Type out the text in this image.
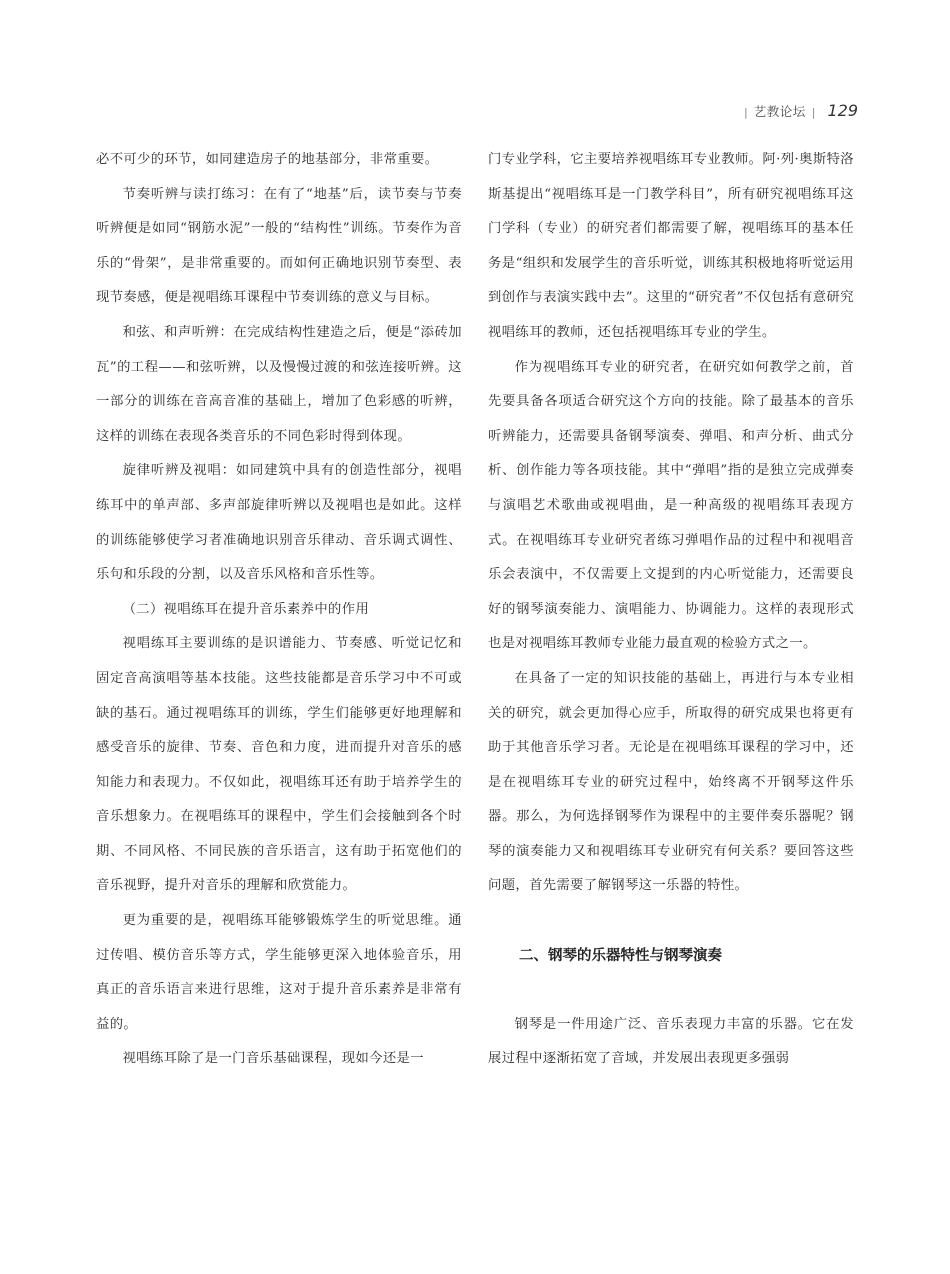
| 艺教论坛 | 129

必不可少的环节，如同建造房子的地基部分，非常重要。

节奏听辨与读打练习：在有了“地基”后，读节奏与节奏听辨便是如同“钢筋水泥”一般的“结构性”训练。节奏作为音乐的“骨架”，是非常重要的。而如何正确地识别节奏型、表现节奏感，便是视唱练耳课程中节奏训练的意义与目标。

和弦、和声听辨：在完成结构性建造之后，便是“添砖加瓦”的工程——和弦听辨，以及慢慢过渡的和弦连接听辨。这一部分的训练在音高音准的基础上，增加了色彩感的听辨，这样的训练在表现各类音乐的不同色彩时得到体现。

旋律听辨及视唱：如同建筑中具有的创造性部分，视唱练耳中的单声部、多声部旋律听辨以及视唱也是如此。这样的训练能够使学习者准确地识别音乐律动、音乐调式调性、乐句和乐段的分割，以及音乐风格和音乐性等。

（二）视唱练耳在提升音乐素养中的作用

视唱练耳主要训练的是识谱能力、节奏感、听觉记忆和固定音高演唱等基本技能。这些技能都是音乐学习中不可或缺的基石。通过视唱练耳的训练，学生们能够更好地理解和感受音乐的旋律、节奏、音色和力度，进而提升对音乐的感知能力和表现力。不仅如此，视唱练耳还有助于培养学生的音乐想象力。在视唱练耳的课程中，学生们会接触到各个时期、不同风格、不同民族的音乐语言，这有助于拓宽他们的音乐视野，提升对音乐的理解和欣赏能力。

更为重要的是，视唱练耳能够锻炼学生的听觉思维。通过传唱、模仿音乐等方式，学生能够更深入地体验音乐，用真正的音乐语言来进行思维，这对于提升音乐素养是非常有益的。

视唱练耳除了是一门音乐基础课程，现如今还是一

门专业学科，它主要培养视唱练耳专业教师。阿·列·奥斯特洛斯基提出“视唱练耳是一门教学科目”，所有研究视唱练耳这门学科（专业）的研究者们都需要了解，视唱练耳的基本任务是“组织和发展学生的音乐听觉，训练其积极地将听觉运用到创作与表演实践中去”。这里的“研究者”不仅包括有意研究视唱练耳的教师，还包括视唱练耳专业的学生。

作为视唱练耳专业的研究者，在研究如何教学之前，首先要具备各项适合研究这个方向的技能。除了最基本的音乐听辨能力，还需要具备钢琴演奏、弹唱、和声分析、曲式分析、创作能力等各项技能。其中“弹唱”指的是独立完成弹奏与演唱艺术歌曲或视唱曲，是一种高级的视唱练耳表现方式。在视唱练耳专业研究者练习弹唱作品的过程中和视唱音乐会表演中，不仅需要上文提到的内心听觉能力，还需要良好的钢琴演奏能力、演唱能力、协调能力。这样的表现形式也是对视唱练耳教师专业能力最直观的检验方式之一。

在具备了一定的知识技能的基础上，再进行与本专业相关的研究，就会更加得心应手，所取得的研究成果也将更有助于其他音乐学习者。无论是在视唱练耳课程的学习中，还是在视唱练耳专业的研究过程中，始终离不开钢琴这件乐器。那么，为何选择钢琴作为课程中的主要伴奏乐器呢？钢琴的演奏能力又和视唱练耳专业研究有何关系？要回答这些问题，首先需要了解钢琴这一乐器的特性。

二、钢琴的乐器特性与钢琴演奏

钢琴是一件用途广泛、音乐表现力丰富的乐器。它在发展过程中逐渐拓宽了音域，并发展出表现更多强弱
